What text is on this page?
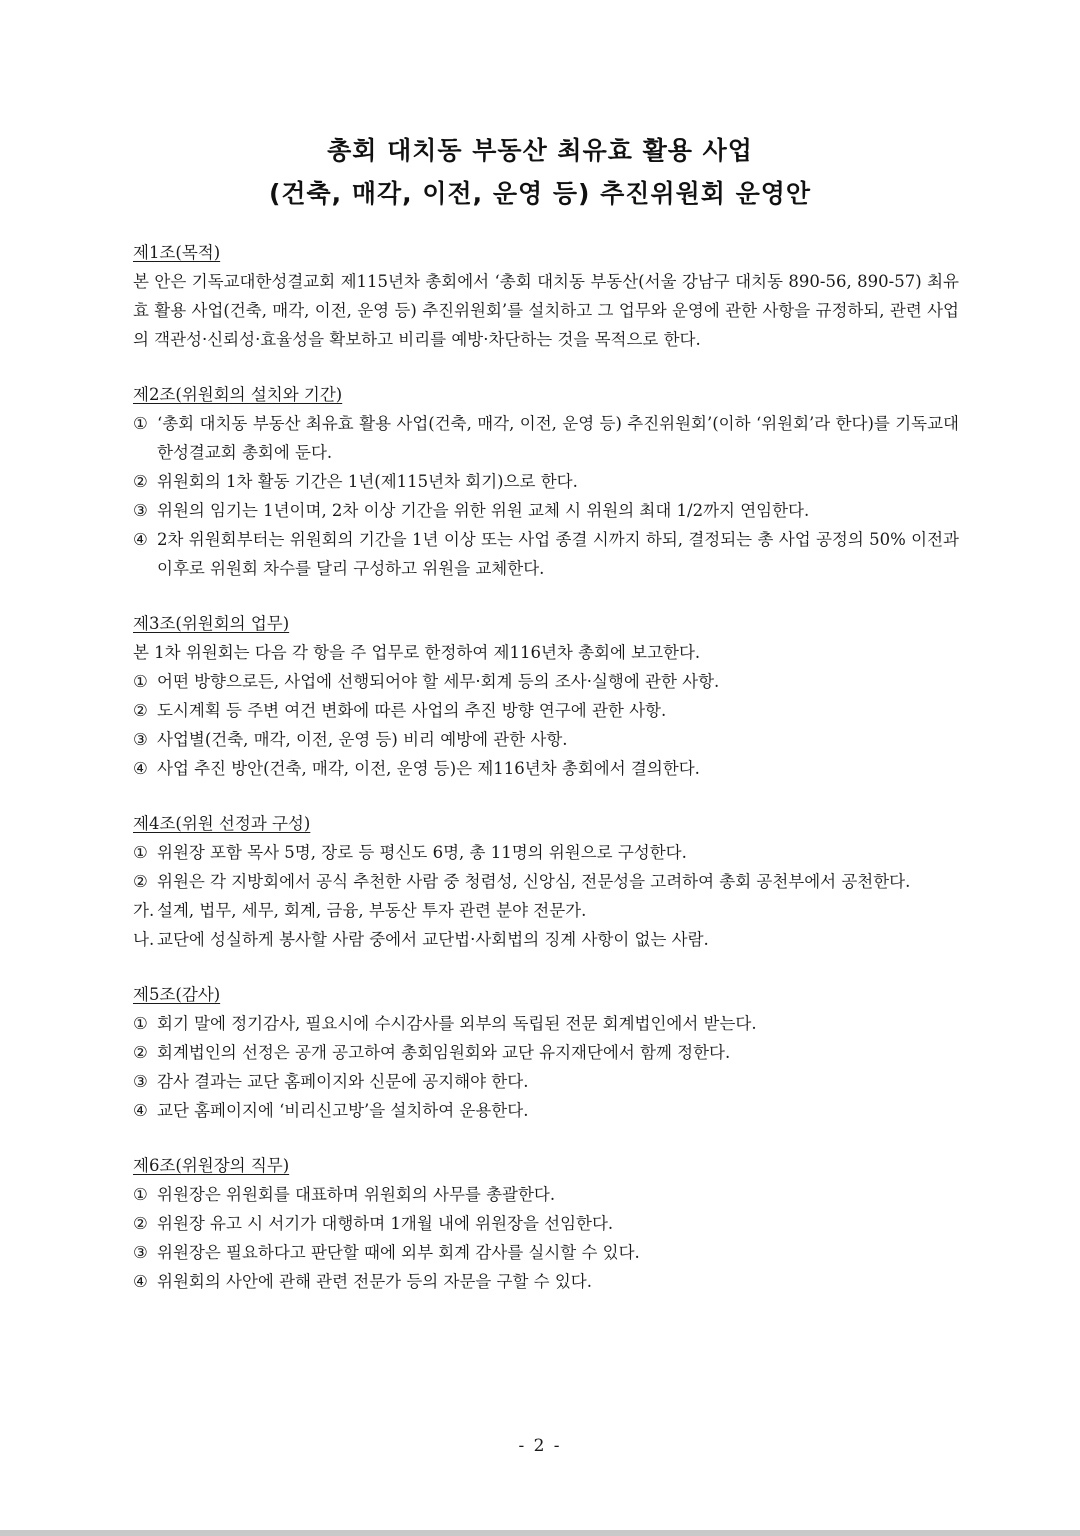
총회 대치동 부동산 최유효 활용 사업
(건축, 매각, 이전, 운영 등) 추진위원회 운영안
제1조(목적)
본 안은 기독교대한성결교회 제115년차 총회에서 ‘총회 대치동 부동산(서울 강남구 대치동 890-56, 890-57) 최유효 활용 사업(건축, 매각, 이전, 운영 등) 추진위원회’를 설치하고 그 업무와 운영에 관한 사항을 규정하되, 관련 사업의 객관성·신뢰성·효율성을 확보하고 비리를 예방·차단하는 것을 목적으로 한다.
제2조(위원회의 설치와 기간)
① ‘총회 대치동 부동산 최유효 활용 사업(건축, 매각, 이전, 운영 등) 추진위원회’(이하 ‘위원회’라 한다)를 기독교대한성결교회 총회에 둔다.
② 위원회의 1차 활동 기간은 1년(제115년차 회기)으로 한다.
③ 위원의 임기는 1년이며, 2차 이상 기간을 위한 위원 교체 시 위원의 최대 1/2까지 연임한다.
④ 2차 위원회부터는 위원회의 기간을 1년 이상 또는 사업 종결 시까지 하되, 결정되는 총 사업 공정의 50% 이전과 이후로 위원회 차수를 달리 구성하고 위원을 교체한다.
제3조(위원회의 업무)
본 1차 위원회는 다음 각 항을 주 업무로 한정하여 제116년차 총회에 보고한다.
① 어떤 방향으로든, 사업에 선행되어야 할 세무·회계 등의 조사·실행에 관한 사항.
② 도시계획 등 주변 여건 변화에 따른 사업의 추진 방향 연구에 관한 사항.
③ 사업별(건축, 매각, 이전, 운영 등) 비리 예방에 관한 사항.
④ 사업 추진 방안(건축, 매각, 이전, 운영 등)은 제116년차 총회에서 결의한다.
제4조(위원 선정과 구성)
① 위원장 포함 목사 5명, 장로 등 평신도 6명, 총 11명의 위원으로 구성한다.
② 위원은 각 지방회에서 공식 추천한 사람 중 청렴성, 신앙심, 전문성을 고려하여 총회 공천부에서 공천한다.
가. 설계, 법무, 세무, 회계, 금융, 부동산 투자 관련 분야 전문가.
나. 교단에 성실하게 봉사할 사람 중에서 교단법·사회법의 징계 사항이 없는 사람.
제5조(감사)
① 회기 말에 정기감사, 필요시에 수시감사를 외부의 독립된 전문 회계법인에서 받는다.
② 회계법인의 선정은 공개 공고하여 총회임원회와 교단 유지재단에서 함께 정한다.
③ 감사 결과는 교단 홈페이지와 신문에 공지해야 한다.
④ 교단 홈페이지에 ‘비리신고방’을 설치하여 운용한다.
제6조(위원장의 직무)
① 위원장은 위원회를 대표하며 위원회의 사무를 총괄한다.
② 위원장 유고 시 서기가 대행하며 1개월 내에 위원장을 선임한다.
③ 위원장은 필요하다고 판단할 때에 외부 회계 감사를 실시할 수 있다.
④ 위원회의 사안에 관해 관련 전문가 등의 자문을 구할 수 있다.
- 2 -
